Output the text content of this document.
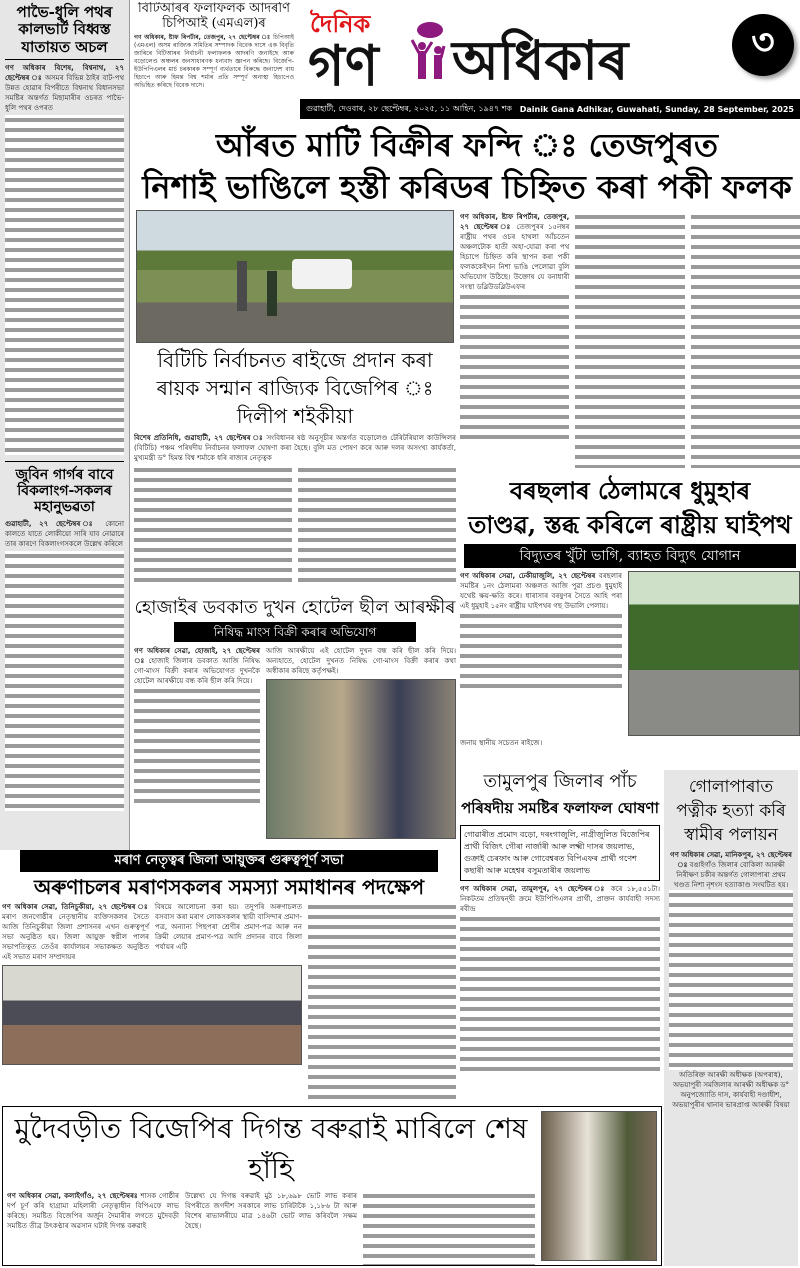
পাভৈ-ধুলি পথৰ কালভাৰ্ট বিধ্বস্ত যাতায়ত অচল
গণ অধিকাৰ বিশেষ, বিশ্বনাথ, ২৭ ছেপ্টেম্বৰ ঃ অসমৰ বিভিন্ন ঠাইৰ বাট-পথ উন্নত হোৱাৰ বিপৰীতে বিশ্বনাথ বিধানসভা সমষ্টিৰ অন্তৰ্গত মিছামাৰীৰ ওচৰত পাভৈ-ধুলি পথৰ ওপৰত
জুবিন গাৰ্গৰ বাবে বিকলাংগ-সকলৰ মহানুভৱতা
গুৱাহাটী, ২৭ ছেপ্টেম্বৰ ঃ কোনো কালতে যাতে লোকীয়ো সাৰি যাব নোৱাৰে তাৰ কাৰণে বিকলাংগসকলে উল্লেখ কৰিলে
বিটিআৰৰ ফলাফলক আদৰণি চিপিআই (এমএল)ৰ
গণ অধিকাৰ, ষ্টাফ ৰিপৰ্টাৰ, তেজপুৰ, ২৭ ছেপ্টেম্বৰ ঃ চিপিআই (এমএল) অসম ৰাজ্যিক সমিতিৰ সম্পাদক বিবেক দাসে এক বিবৃতি জাৰিৰে বিটিআৰৰ নিৰ্বাচনী ফলাফলক আদৰণি জনাইছে আৰু বড়োলেণ্ড অঞ্চলৰ জনসাধাৰণক ধন্যবাদ জ্ঞাপন কৰিছে। বিজেপি-ইউপিপিএলৰ মাৰ্চ চৰকাৰক সম্পূৰ্ণ ব্যৰ্থতাৰে বিৰুদ্ধে জনাদেশ বায় হিচাপে আৰু হিমন্ত বিশ্ব শৰ্মাৰ প্ৰতি সম্পূৰ্ণ অনাস্থা হিচাপেও অভিহিত কৰিছে বিবেক দাসে।
দৈনিক
গণ অধিকাৰ	৩
গুৱাহাটী, দেওবাৰ, ২৮ ছেপ্টেম্বৰ, ২০২৫, ১১ আহিন, ১৯৪৭ শক Dainik Gana Adhikar, Guwahati, Sunday, 28 September, 2025
আঁৰত মাটি বিক্ৰীৰ ফন্দি ঃ তেজপুৰত
নিশাই ভাঙিলে হস্তী কৰিডৰ চিহ্নিত কৰা পকী ফলক
গণ অধিকাৰ, ষ্টাফ ৰিপৰ্টাৰ, তেজপুৰ, ২৭ ছেপ্টেম্বৰ ঃ তেজপুৰৰ ১৫নম্বৰ ৰাষ্ট্ৰীয় পথৰ ওচৰ হাথলা আঁচতেন অঞ্চলটোক হাতী অহা-যোৱা কৰা পথ হিচাপে চিহ্নিত কৰি স্থাপন কৰা পকী ফলককেইখন নিশা ভাঙি পেলোৱা বুলি অভিযোগ উঠিছে। উক্তোষ যে বনাধাৰী সংস্থা ডব্লিউডব্লিউএফৰ
বিটিচি নিৰ্বাচনত ৰাইজে প্ৰদান কৰা ৰায়ক সন্মান ৰাজ্যিক বিজেপিৰ ঃ দিলীপ শইকীয়া
বিশেষ প্ৰতিনিধি, গুৱাহাটী, ২৭ ছেপ্টেম্বৰ ঃ সংবিধানৰ ষষ্ঠ অনুসূচীৰ অন্তৰ্গত বড়োলেণ্ড টেৰিটৰিয়াল কাউন্সিলৰ (বিটিচি) পঞ্চম পৰিষদীয় নিৰ্বাচনৰ ফলাফল ঘোষণা কৰা হৈছে। বুলি মত পোষণ কৰে আৰু দলৰ অসংখ্য কাৰ্যকৰ্তা, মুখ্যমন্ত্ৰী ড° হিমন্ত বিশ্ব শৰ্মাকে ধৰি ৰাজ্যৰ নেতৃত্বক
বৰছলাৰ ঠেলামৰে ধুমুহাৰ
তাণ্ডৱ, স্তব্ধ কৰিলে ৰাষ্ট্ৰীয় ঘাইপথ
বিদ্যুতৰ খুঁটা ভাগি, ব্যাহত বিদ্যুৎ যোগান
গণ অধিকাৰ সেৱা, ঢেকীয়াজুলি, ২৭ ছেপ্টেম্বৰ বৰছলাৰ সমষ্টিৰ ১নং ঠেলামৰা অঞ্চলত আজি পুৱা প্ৰচণ্ড ধুমুহাই যথেষ্ট ক্ষয়-ক্ষতি কৰে। ধাৰাসাৰ বৰষুণৰ সৈতে আহি পৰা এই ধুমুহাই ১৫নং ৰাষ্ট্ৰীয় ঘাইপথৰ গছ উভালি পেলায়।
জনায় স্থানীয় সচেতন ৰাইজে।
হোজাইৰ ডবকাত দুখন হোটেল ছীল আৰক্ষীৰ
নিষিদ্ধ মাংস বিক্ৰী কৰাৰ অভিযোগ
গণ অধিকাৰ সেৱা, হোজাই, ২৭ ছেপ্টেম্বৰ ঃ হোজাই জিলাৰ ডবকাত আজি নিষিদ্ধ গো-মাংস বিক্ৰী কৰাৰ অভিযোগত দুখনকৈ হোটেল আৰক্ষীয়ে বন্ধ কৰি ছীল কৰি দিয়ে।
আজি আৰক্ষীয়ে এই হোটেল দুখন বন্ধ কৰি ছীল কৰি দিয়ে। অন্যহাতে, হোটেল দুখনত নিষিদ্ধ গো-মাংস বিক্ৰী কৰাৰ কথা অস্বীকাৰ কৰিছে কৰ্তৃপক্ষই।
তামুলপুৰ জিলাৰ পাঁচ
পৰিষদীয় সমষ্টিৰ ফলাফল ঘোষণা
গোৱাৰীত প্ৰমোদ বড়ো, দৰংগাজুলি, নাগ্ৰীজুলিত বিজেপিৰ প্ৰাৰ্থী বিজিৎ গৌৰা নাৰ্জাৰী আৰু লক্ষ্মী দাসৰ জয়লাভ, গুক্ৰাই চেৰফাং আৰু গোবেশ্বৰত বিপিএফৰ প্ৰাৰ্থী গণেশ কছাৰী আৰু মহেশ্বৰ বসুমতাৰীৰ জয়লাভ
গণ অধিকাৰ সেৱা, তামুলপুৰ, ২৭ ছেপ্টেম্বৰ ঃ কৰে ১৮,৫৫১টা। নিকটতম প্ৰতিদ্বন্দ্বী ক্ৰমে ইউপিপিএলৰ প্ৰাৰ্থী, প্ৰাক্তন কাৰ্যবাহী সদস্য ৰবীন্দ্ৰ
গোলাপাৰাত পত্নীক হত্যা কৰি স্বামীৰ পলায়ন
গণ অধিকাৰ সেৱা, মানিকপুৰ, ২৭ ছেপ্টেম্বৰ ঃ বঙাইগাঁও জিলাৰ বোকিলা আৰক্ষী নিৰীক্ষণ চকীৰ অন্তৰ্গত গোলাপাৰা প্ৰথম খণ্ডত নিশা নৃশংস হত্যাকাণ্ড সংঘটিত হয়।
অতিৰিক্ত আৰক্ষী অধীক্ষক (অপৰাধ), অভয়াপুৰী সমজিলাৰ আৰক্ষী অধীক্ষক ড° অনুপজ্যোতি দাস, কাৰ্যবাহী দণ্ডাধীশ, অভয়াপুৰীৰ থানাৰ ভাৰপ্ৰাপ্ত আৰক্ষী বিষয়া
মৰাণ নেতৃত্বৰ জিলা আয়ুক্তৰ গুৰুত্বপূৰ্ণ সভা
অৰুণাচলৰ মৰাণসকলৰ সমস্যা সমাধানৰ পদক্ষেপ
গণ অধিকাৰ সেৱা, তিনিচুকীয়া, ২৭ ছেপ্টেম্বৰ ঃ মৰাণ জনগোষ্ঠীৰ নেতৃস্থানীয় ব্যক্তিসকলৰ সৈতে আজি তিনিচুকীয়া জিলা প্ৰশাসনৰ এখন গুৰুত্বপূৰ্ণ সভা অনুষ্ঠিত হয়। জিলা আয়ুক্ত স্বপ্নীল পালৰ সভাপতিত্বত তেওঁৰ কাৰ্যালয়ৰ সভাকক্ষত অনুষ্ঠিত এই সভাত মৰাণ সম্প্ৰদায়ৰ
বিষয়ে আলোচনা কৰা হয়। তদুপৰি অৰুণাচলত বসবাস কৰা মৰাণ লোকসকলৰ স্থায়ী বাসিন্দাৰ প্ৰমাণ-পত্ৰ, অন্যান্য পিছপৰা শ্ৰেণীৰ প্ৰমাণ-পত্ৰ আৰু নন ক্ৰিমী লেয়াৰ প্ৰমাণ-পত্ৰ আদি প্ৰদানৰ বাবে জিলা পৰ্যায়ৰ এটি
মুদৈবড়ীত বিজেপিৰ দিগন্ত বৰুৱাই মাৰিলে শেষ হাঁহি
গণ অধিকাৰ সেৱা, কলাইগাঁও, ২৭ ছেপ্টেম্বৰঃ শাসক গোষ্ঠীৰ দৰ্প চূৰ্ণ কৰি হাগ্ৰামা মহিলাৰী নেতৃত্বাধীন বিপিএফে লাভ কৰিছে। সমষ্টিত বিজেপিৰ অৰ্জুন দৈমাৰীৰ লগতে মুদৈবড়ী সমষ্টিত তীব্ৰ উৎকণ্ঠাৰ অৱসান ঘটাই দিগন্ত বৰুৱাই
উল্লেখ্য যে দিগন্ত বৰুৱাই মুঠ ১৮,৬৯৮ ভোট লাভ কৰাৰ বিপৰীতে জগদীশ সৰকাৰে লাভ চাৰিটাকৈ ১,১৮৬ টা আৰু বিশেষ ৰাভালৰীয়ে মাত্ৰ ১৪৬টা ভোট লাভ কৰিবলৈ সক্ষম হৈছে।
